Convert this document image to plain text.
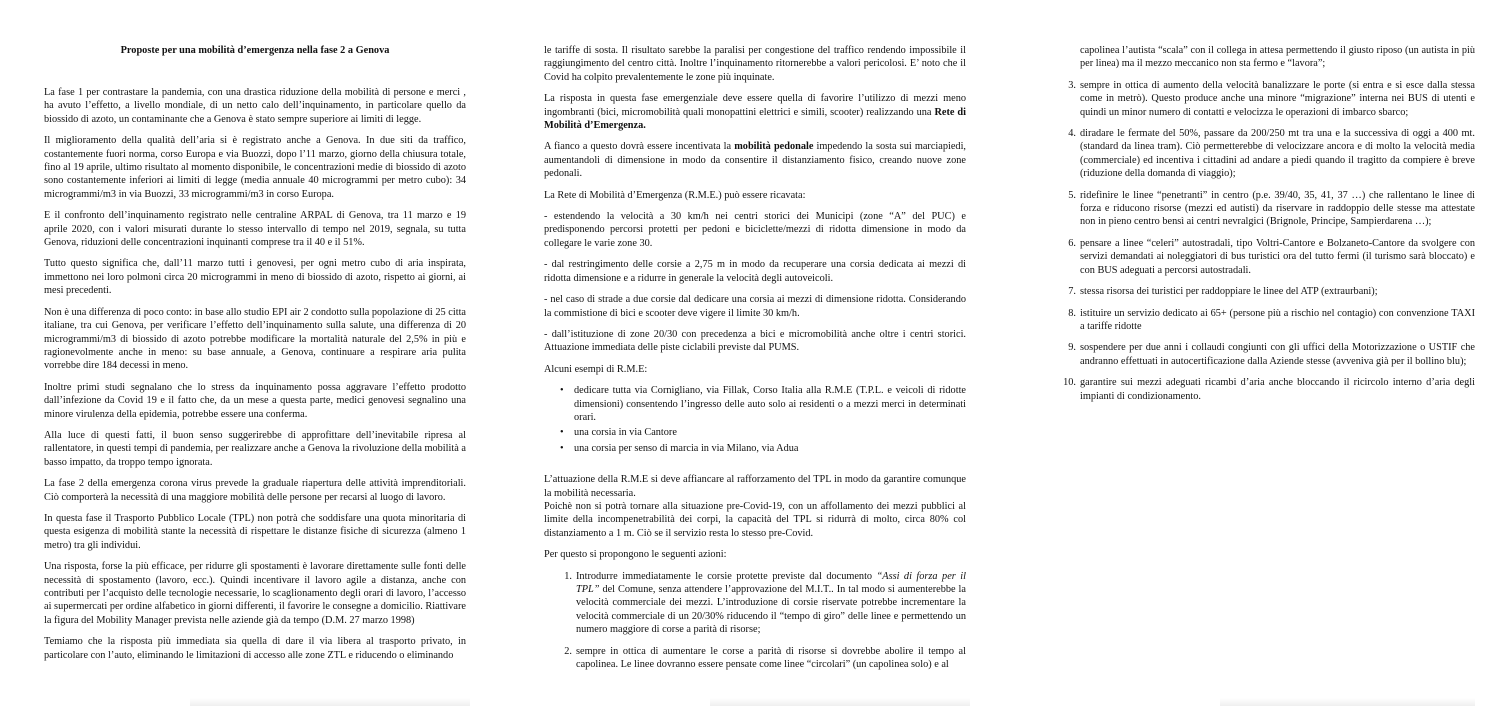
Proposte per una mobilità d’emergenza nella fase 2 a Genova

La fase 1 per contrastare la pandemia, con una drastica riduzione della mobilità di persone e merci , ha avuto l’effetto, a livello mondiale, di un netto calo dell’inquinamento, in particolare quello da biossido di azoto, un contaminante che a Genova è stato sempre superiore ai limiti di legge.

Il miglioramento della qualità dell’aria si è registrato anche a Genova. In due siti da traffico, costantemente fuori norma, corso Europa e via Buozzi, dopo l’11 marzo, giorno della chiusura totale, fino al 19 aprile, ultimo risultato al momento disponibile, le concentrazioni medie di biossido di azoto sono costantemente inferiori ai limiti di legge (media annuale 40 microgrammi per metro cubo): 34 microgrammi/m3 in via Buozzi, 33 microgrammi/m3 in corso Europa.

E il confronto dell’inquinamento registrato nelle centraline ARPAL di Genova, tra 11 marzo e 19 aprile 2020, con i valori misurati durante lo stesso intervallo di tempo nel 2019, segnala, su tutta Genova, riduzioni delle concentrazioni inquinanti comprese tra il 40 e il 51%.

Tutto questo significa che, dall’11 marzo tutti i genovesi, per ogni metro cubo di aria inspirata, immettono nei loro polmoni circa 20 microgrammi in meno di biossido di azoto, rispetto ai giorni, ai mesi precedenti.

Non è una differenza di poco conto: in base allo studio EPI air 2 condotto sulla popolazione di 25 citta italiane, tra cui Genova, per verificare l’effetto dell’inquinamento sulla salute, una differenza di 20 microgrammi/m3 di biossido di azoto potrebbe modificare la mortalità naturale del 2,5% in più e ragionevolmente anche in meno: su base annuale, a Genova, continuare a respirare aria pulita vorrebbe dire 184 decessi in meno.

Inoltre primi studi segnalano che lo stress da inquinamento possa aggravare l’effetto prodotto dall’infezione da Covid 19 e il fatto che, da un mese a questa parte, medici genovesi segnalino una minore virulenza della epidemia, potrebbe essere una conferma.

Alla luce di questi fatti, il buon senso suggerirebbe di approfittare dell’inevitabile ripresa al rallentatore, in questi tempi di pandemia, per realizzare anche a Genova la rivoluzione della mobilità a basso impatto, da troppo tempo ignorata.

La fase 2 della emergenza corona virus prevede la graduale riapertura delle attività imprenditoriali. Ciò comporterà la necessità di una maggiore mobilità delle persone per recarsi al luogo di lavoro.

In questa fase il Trasporto Pubblico Locale (TPL) non potrà che soddisfare una quota minoritaria di questa esigenza di mobilità stante la necessità di rispettare le distanze fisiche di sicurezza (almeno 1 metro) tra gli individui.

Una risposta, forse la più efficace, per ridurre gli spostamenti è lavorare direttamente sulle fonti delle necessità di spostamento (lavoro, ecc.). Quindi incentivare il lavoro agile a distanza, anche con contributi per l’acquisto delle tecnologie necessarie, lo scaglionamento degli orari di lavoro, l’accesso ai supermercati per ordine alfabetico in giorni differenti, il favorire le consegne a domicilio. Riattivare la figura del Mobility Manager prevista nelle aziende già da tempo (D.M. 27 marzo 1998)

Temiamo che la risposta più immediata sia quella di dare il via libera al trasporto privato, in particolare con l’auto, eliminando le limitazioni di accesso alle zone ZTL e riducendo o eliminando

le tariffe di sosta. Il risultato sarebbe la paralisi per congestione del traffico rendendo impossibile il raggiungimento del centro città. Inoltre l’inquinamento ritornerebbe a valori pericolosi. E’ noto che il Covid ha colpito prevalentemente le zone più inquinate.

La risposta in questa fase emergenziale deve essere quella di favorire l’utilizzo di mezzi meno ingombranti (bici, micromobilità quali monopattini elettrici e simili, scooter) realizzando una Rete di Mobilità d’Emergenza.

A fianco a questo dovrà essere incentivata la mobilità pedonale impedendo la sosta sui marciapiedi, aumentandoli di dimensione in modo da consentire il distanziamento fisico, creando nuove zone pedonali.

La Rete di Mobilità d’Emergenza (R.M.E.) può essere ricavata:

- estendendo la velocità a 30 km/h nei centri storici dei Municipi (zone “A” del PUC) e predisponendo percorsi protetti per pedoni e biciclette/mezzi di ridotta dimensione in modo da collegare le varie zone 30.

- dal restringimento delle corsie a 2,75 m in modo da recuperare una corsia dedicata ai mezzi di ridotta dimensione e a ridurre in generale la velocità degli autoveicoli.

- nel caso di strade a due corsie dal dedicare una corsia ai mezzi di dimensione ridotta. Considerando la commistione di bici e scooter deve vigere il limite 30 km/h.

- dall’istituzione di zone 20/30 con precedenza a bici e micromobilità anche oltre i centri storici. Attuazione immediata delle piste ciclabili previste dal PUMS.

Alcuni esempi di R.M.E:

• dedicare tutta via Cornigliano, via Fillak, Corso Italia alla R.M.E (T.P.L. e veicoli di ridotte dimensioni) consentendo l’ingresso delle auto solo ai residenti o a mezzi merci in determinati orari.
• una corsia in via Cantore
• una corsia per senso di marcia in via Milano, via Adua

L’attuazione della R.M.E si deve affiancare al rafforzamento del TPL in modo da garantire comunque la mobilità necessaria.

Poichè non si potrà tornare alla situazione pre-Covid-19, con un affollamento dei mezzi pubblici al limite della incompenetrabilità dei corpi, la capacità del TPL si ridurrà di molto, circa 80% col distanziamento a 1 m. Ciò se il servizio resta lo stesso pre-Covid.

Per questo si propongono le seguenti azioni:

1. Introdurre immediatamente le corsie protette previste dal documento “Assi di forza per il TPL” del Comune, senza attendere l’approvazione del M.I.T.. In tal modo si aumenterebbe la velocità commerciale dei mezzi. L’introduzione di corsie riservate potrebbe incrementare la velocità commerciale di un 20/30% riducendo il “tempo di giro” delle linee e permettendo un numero maggiore di corse a parità di risorse;
2. sempre in ottica di aumentare le corse a parità di risorse si dovrebbe abolire il tempo al capolinea. Le linee dovranno essere pensate come linee “circolari” (un capolinea solo) e al

capolinea l’autista “scala” con il collega in attesa permettendo il giusto riposo (un autista in più per linea) ma il mezzo meccanico non sta fermo e “lavora”;

3. sempre in ottica di aumento della velocità banalizzare le porte (si entra e si esce dalla stessa come in metrò). Questo produce anche una minore “migrazione” interna nei BUS di utenti e quindi un minor numero di contatti e velocizza le operazioni di imbarco sbarco;
4. diradare le fermate del 50%, passare da 200/250 mt tra una e la successiva di oggi a 400 mt. (standard da linea tram). Ciò permetterebbe di velocizzare ancora e di molto la velocità media (commerciale) ed incentiva i cittadini ad andare a piedi quando il tragitto da compiere è breve (riduzione della domanda di viaggio);
5. ridefinire le linee “penetranti” in centro (p.e. 39/40, 35, 41, 37 …) che rallentano le linee di forza e riducono risorse (mezzi ed autisti) da riservare in raddoppio delle stesse ma attestate non in pieno centro bensì ai centri nevralgici (Brignole, Principe, Sampierdarena …);
6. pensare a linee “celeri” autostradali, tipo Voltri-Cantore e Bolzaneto-Cantore da svolgere con servizi demandati ai noleggiatori di bus turistici ora del tutto fermi (il turismo sarà bloccato) e con BUS adeguati a percorsi autostradali.
7. stessa risorsa dei turistici per raddoppiare le linee del ATP (extraurbani);
8. istituire un servizio dedicato ai 65+ (persone più a rischio nel contagio) con convenzione TAXI a tariffe ridotte
9. sospendere per due anni i collaudi congiunti con gli uffici della Motorizzazione o USTIF che andranno effettuati in autocertificazione dalla Aziende stesse (avveniva già per il bollino blu);
10. garantire sui mezzi adeguati ricambi d’aria anche bloccando il ricircolo interno d’aria degli impianti di condizionamento.
